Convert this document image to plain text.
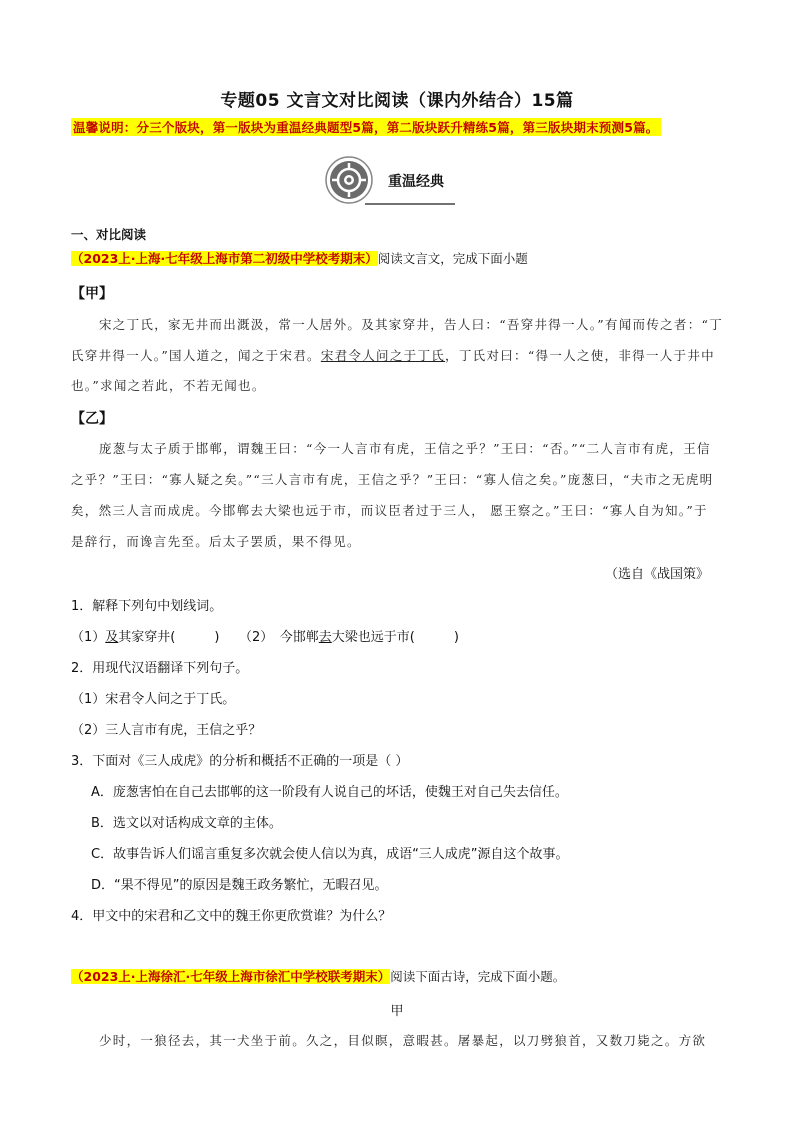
专题05 文言文对比阅读（课内外结合）15篇
温馨说明：分三个版块，第一版块为重温经典题型5篇，第二版块跃升精练5篇，第三版块期末预测5篇。
重温经典
一、对比阅读
（2023上·上海·七年级上海市第二初级中学校考期末）阅读文言文，完成下面小题
【甲】
宋之丁氏，家无井而出溉汲，常一人居外。及其家穿井，告人曰：“吾穿井得一人。”有闻而传之者：“丁
氏穿井得一人。”国人道之，闻之于宋君。宋君令人问之于丁氏，丁氏对曰：“得一人之使，非得一人于井中
也。”求闻之若此，不若无闻也。
【乙】
庞葱与太子质于邯郸，谓魏王曰：“今一人言市有虎，王信之乎？”王曰：“否。”“二人言市有虎，王信
之乎？”王曰：“寡人疑之矣。”“三人言市有虎，王信之乎？”王曰：“寡人信之矣。”庞葱曰，“夫市之无虎明
矣，然三人言而成虎。今邯郸去大梁也远于市，而议臣者过于三人， 愿王察之。”王曰：“寡人自为知。”于
是辞行，而谗言先至。后太子罢质，果不得见。
（选自《战国策》
1．解释下列句中划线词。
（1）及其家穿井(　　　)　　 （2）　今邯郸去大梁也远于市(　　　)
2．用现代汉语翻译下列句子。
（1）宋君令人问之于丁氏。
（2）三人言市有虎，王信之乎？
3．下面对《三人成虎》的分析和概括不正确的一项是（ ）
A．庞葱害怕在自己去邯郸的这一阶段有人说自己的坏话，使魏王对自己失去信任。
B．选文以对话构成文章的主体。
C．故事告诉人们谣言重复多次就会使人信以为真，成语“三人成虎”源自这个故事。
D．“果不得见”的原因是魏王政务繁忙，无暇召见。
4．甲文中的宋君和乙文中的魏王你更欣赏谁？为什么？
（2023上·上海徐汇·七年级上海市徐汇中学校联考期末）阅读下面古诗，完成下面小题。
甲
少时，一狼径去，其一犬坐于前。久之，目似瞑，意暇甚。屠暴起，以刀劈狼首，又数刀毙之。方欲
